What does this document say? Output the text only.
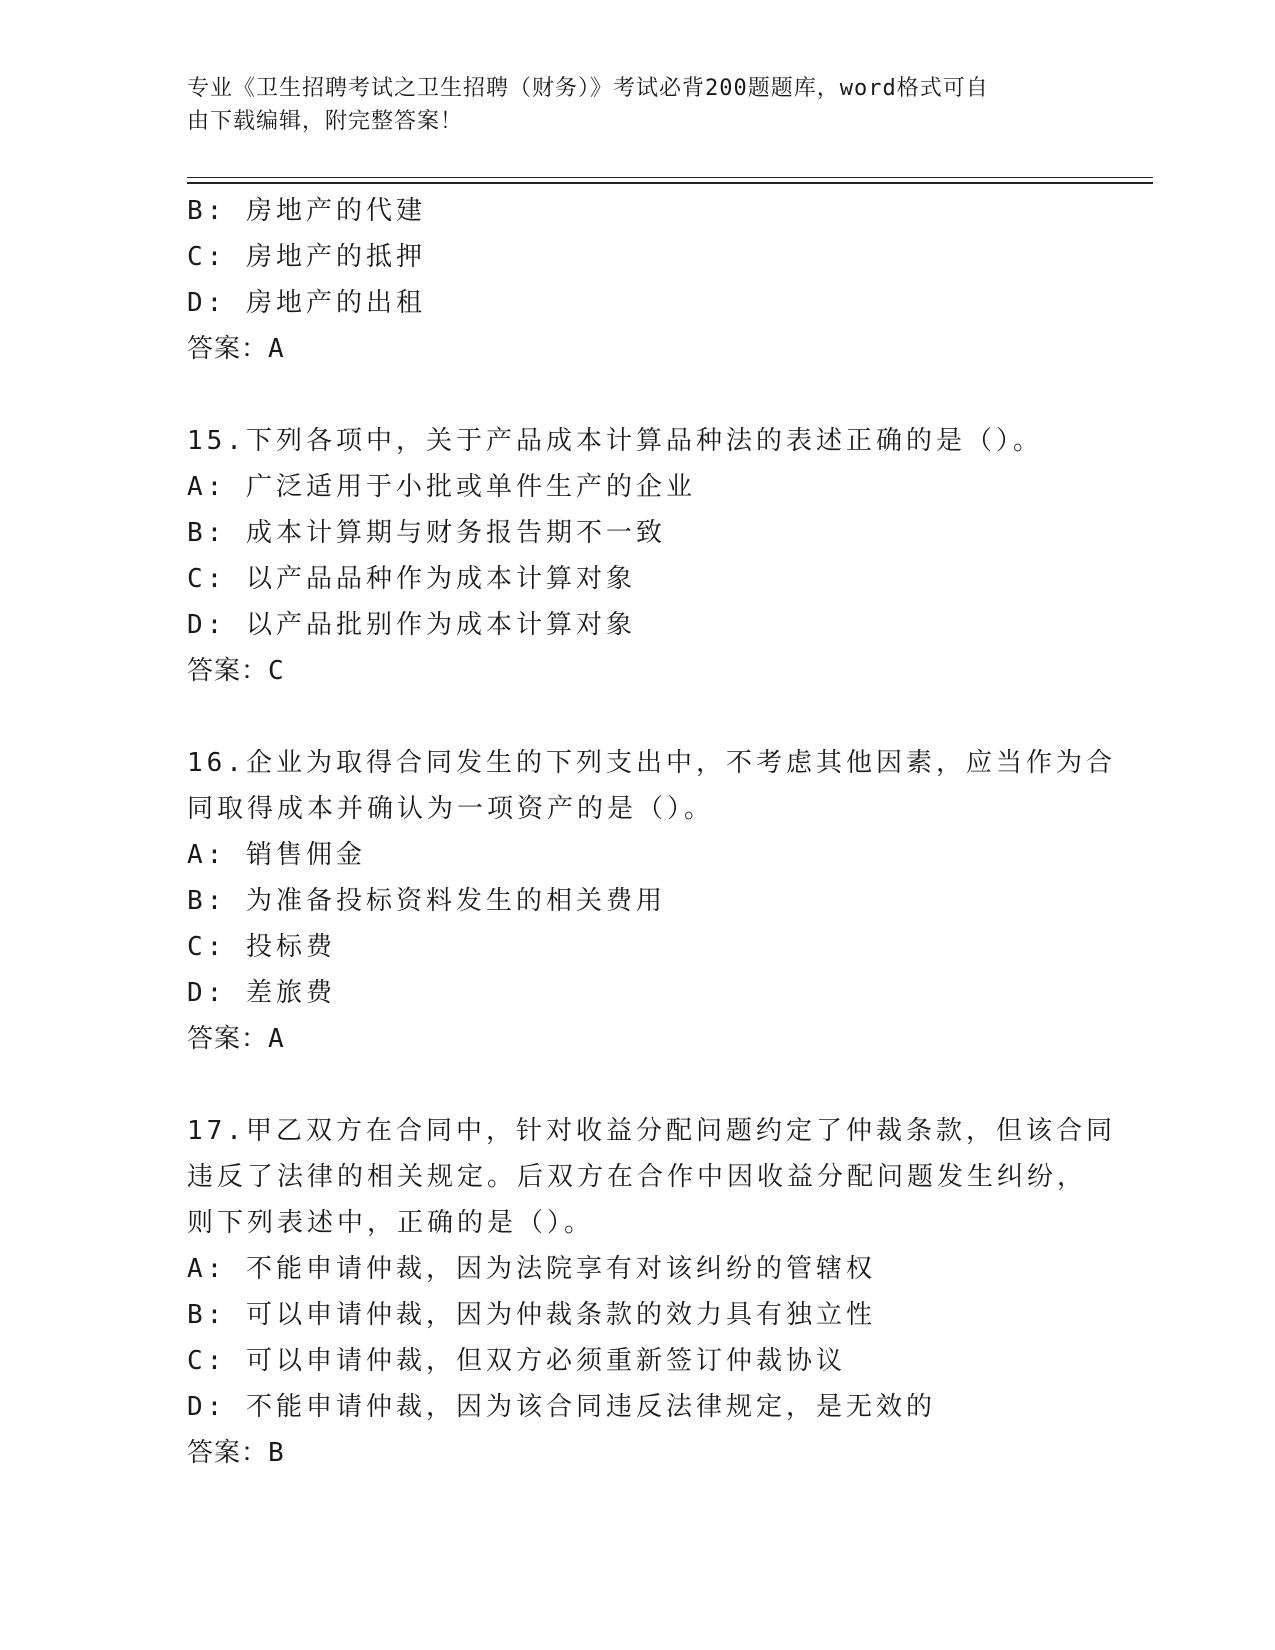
专业《卫生招聘考试之卫生招聘（财务）》考试必背200题题库，word格式可自
由下载编辑，附完整答案！
B: 房地产的代建
C: 房地产的抵押
D: 房地产的出租
答案：A
15.下列各项中，关于产品成本计算品种法的表述正确的是（）。
A: 广泛适用于小批或单件生产的企业
B: 成本计算期与财务报告期不一致
C: 以产品品种作为成本计算对象
D: 以产品批别作为成本计算对象
答案：C
16.企业为取得合同发生的下列支出中，不考虑其他因素，应当作为合
同取得成本并确认为一项资产的是（）。
A: 销售佣金
B: 为准备投标资料发生的相关费用
C: 投标费
D: 差旅费
答案：A
17.甲乙双方在合同中，针对收益分配问题约定了仲裁条款，但该合同
违反了法律的相关规定。后双方在合作中因收益分配问题发生纠纷，
则下列表述中，正确的是（）。
A: 不能申请仲裁，因为法院享有对该纠纷的管辖权
B: 可以申请仲裁，因为仲裁条款的效力具有独立性
C: 可以申请仲裁，但双方必须重新签订仲裁协议
D: 不能申请仲裁，因为该合同违反法律规定，是无效的
答案：B
